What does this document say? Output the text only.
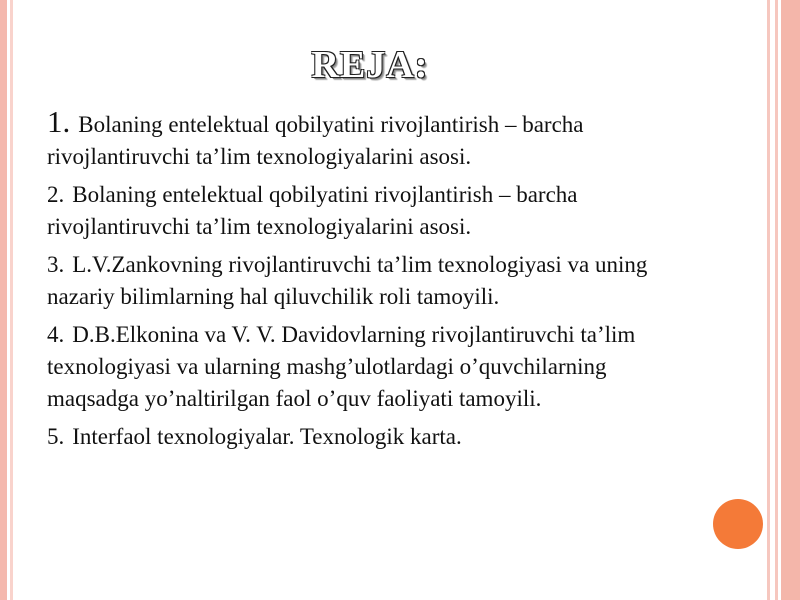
REJA:

1. Bolaning entelektual qobilyatini rivojlantirish – barcha rivojlantiruvchi ta’lim texnologiyalarini asosi.

2. Bolaning entelektual qobilyatini rivojlantirish – barcha rivojlantiruvchi ta’lim texnologiyalarini asosi.

3. L.V.Zankovning rivojlantiruvchi ta’lim texnologiyasi va uning nazariy bilimlarning hal qiluvchilik roli tamoyili.

4. D.B.Elkonina va V. V. Davidovlarning rivojlantiruvchi ta’lim texnologiyasi va ularning mashg’ulotlardagi o’quvchilarning maqsadga yo’naltirilgan faol o’quv faoliyati tamoyili.

5. Interfaol texnologiyalar. Texnologik karta.
